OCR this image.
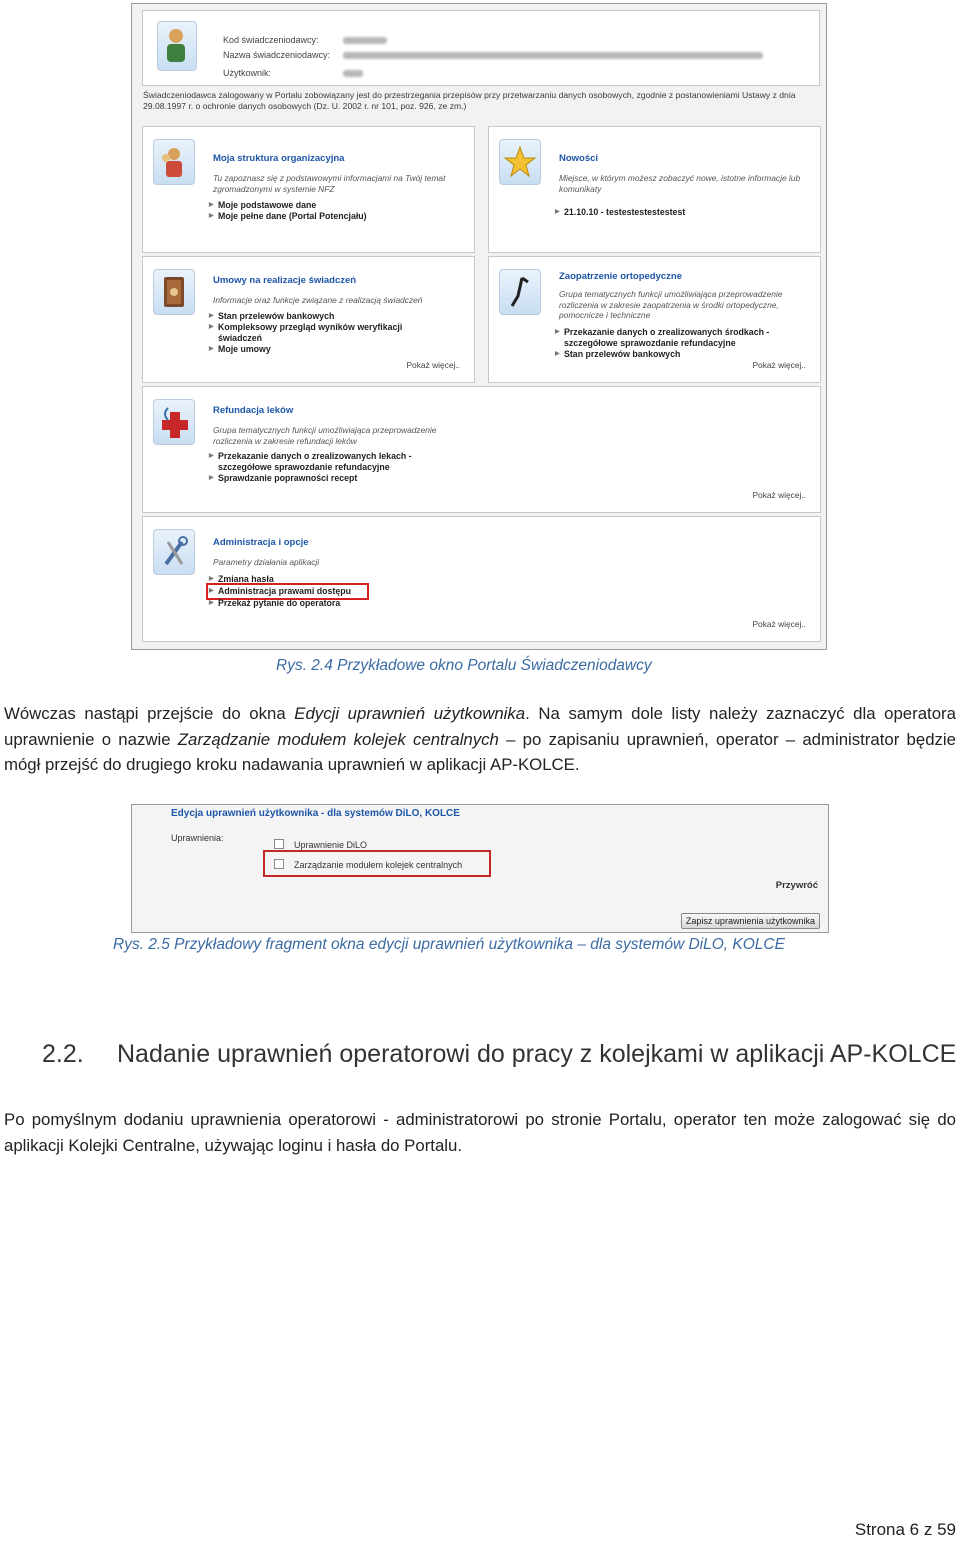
Kod świadczeniodawcy:
Nazwa świadczeniodawcy:
Użytkownik:
Świadczeniodawca zalogowany w Portalu zobowiązany jest do przestrzegania przepisów przy przetwarzaniu danych osobowych, zgodnie z postanowieniami Ustawy z dnia 29.08.1997 r. o ochronie danych osobowych (Dz. U. 2002 r. nr 101, poz. 926, ze zm.)
Moja struktura organizacyjna
Tu zapoznasz się z podstawowymi informacjami na Twój temat zgromadzonymi w systemie NFZ
▶ Moje podstawowe dane
▶ Moje pełne dane (Portal Potencjału)
Nowości
Miejsce, w którym możesz zobaczyć nowe, istotne informacje lub komunikaty
▶ 21.10.10 - testestestestestest
Umowy na realizacje świadczeń
Informacje oraz funkcje związane z realizacją świadczeń
▶ Stan przelewów bankowych
▶ Kompleksowy przegląd wyników weryfikacji świadczeń
▶ Moje umowy
Pokaż więcej..
Zaopatrzenie ortopedyczne
Grupa tematycznych funkcji umożliwiająca przeprowadzenie rozliczenia w zakresie zaopatrzenia w środki ortopedyczne, pomocnicze i techniczne
▶ Przekazanie danych o zrealizowanych środkach - szczegółowe sprawozdanie refundacyjne
▶ Stan przelewów bankowych
Pokaż więcej..
Refundacja leków
Grupa tematycznych funkcji umożliwiająca przeprowadzenie rozliczenia w zakresie refundacji leków
▶ Przekazanie danych o zrealizowanych lekach - szczegółowe sprawozdanie refundacyjne
▶ Sprawdzanie poprawności recept
Pokaż więcej..
Administracja i opcje
Parametry działania aplikacji
▶ Zmiana hasła
▶ Administracja prawami dostępu
▶ Przekaż pytanie do operatora
Pokaż więcej..
Rys. 2.4 Przykładowe okno Portalu Świadczeniodawcy
Wówczas nastąpi przejście do okna Edycji uprawnień użytkownika. Na samym dole listy należy zaznaczyć dla operatora uprawnienie o nazwie Zarządzanie modułem kolejek centralnych – po zapisaniu uprawnień, operator – administrator będzie mógł przejść do drugiego kroku nadawania uprawnień w aplikacji AP-KOLCE.
Edycja uprawnień użytkownika - dla systemów DiLO, KOLCE
Uprawnienia:
Uprawnienie DiLO
Zarządzanie modułem kolejek centralnych
Przywróć
Zapisz uprawnienia użytkownika
Rys. 2.5 Przykładowy fragment okna edycji uprawnień użytkownika – dla systemów DiLO, KOLCE
2.2. Nadanie uprawnień operatorowi do pracy z kolejkami w aplikacji AP-KOLCE
Po pomyślnym dodaniu uprawnienia operatorowi - administratorowi po stronie Portalu, operator ten może zalogować się do aplikacji Kolejki Centralne, używając loginu i hasła do Portalu.
Strona 6 z 59
